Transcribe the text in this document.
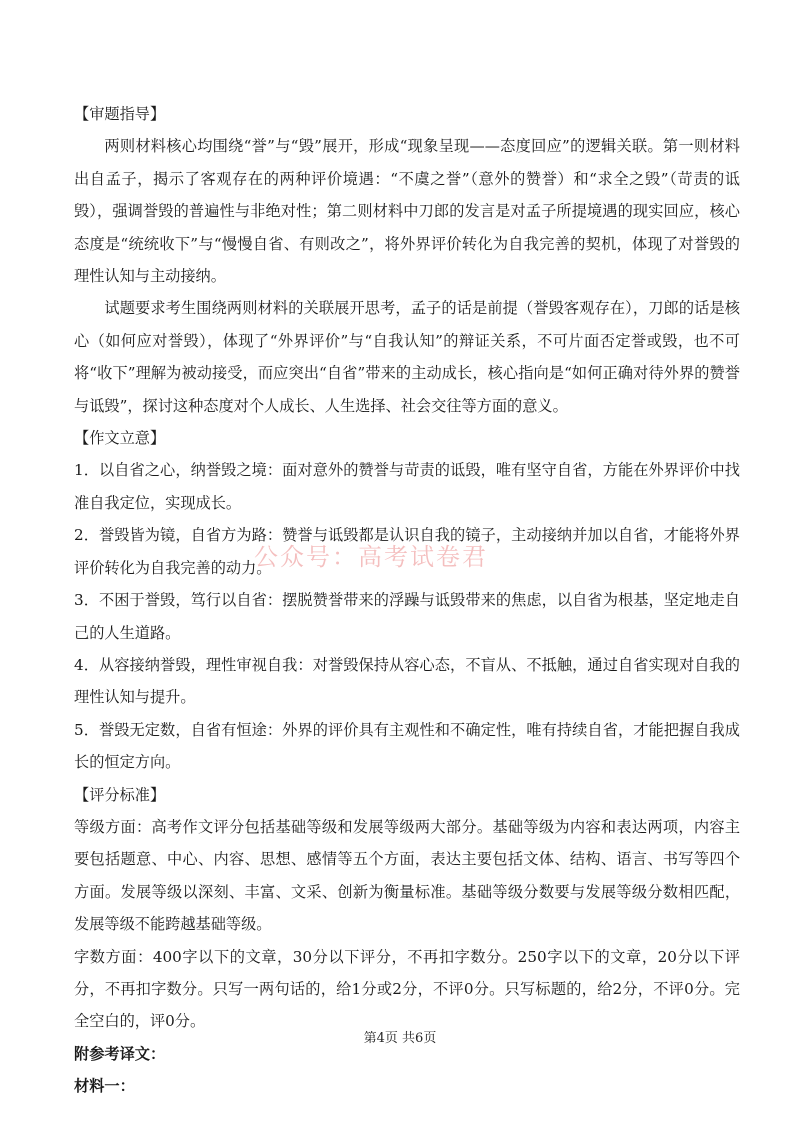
【审题指导】

两则材料核心均围绕“誉”与“毁”展开，形成“现象呈现——态度回应”的逻辑关联。第一则材料出自孟子，揭示了客观存在的两种评价境遇：“不虞之誉”（意外的赞誉）和“求全之毁”（苛责的诋毁），强调誉毁的普遍性与非绝对性；第二则材料中刀郎的发言是对孟子所提境遇的现实回应，核心态度是“统统收下”与“慢慢自省、有则改之”，将外界评价转化为自我完善的契机，体现了对誉毁的理性认知与主动接纳。

试题要求考生围绕两则材料的关联展开思考，孟子的话是前提（誉毁客观存在），刀郎的话是核心（如何应对誉毁），体现了“外界评价”与“自我认知”的辩证关系，不可片面否定誉或毁，也不可将“收下”理解为被动接受，而应突出“自省”带来的主动成长，核心指向是“如何正确对待外界的赞誉与诋毁”，探讨这种态度对个人成长、人生选择、社会交往等方面的意义。

【作文立意】

1．以自省之心，纳誉毁之境：面对意外的赞誉与苛责的诋毁，唯有坚守自省，方能在外界评价中找准自我定位，实现成长。

2．誉毁皆为镜，自省方为路：赞誉与诋毁都是认识自我的镜子，主动接纳并加以自省，才能将外界评价转化为自我完善的动力。

3．不困于誉毁，笃行以自省：摆脱赞誉带来的浮躁与诋毁带来的焦虑，以自省为根基，坚定地走自己的人生道路。

4．从容接纳誉毁，理性审视自我：对誉毁保持从容心态，不盲从、不抵触，通过自省实现对自我的理性认知与提升。

5．誉毁无定数，自省有恒途：外界的评价具有主观性和不确定性，唯有持续自省，才能把握自我成长的恒定方向。

【评分标准】

等级方面：高考作文评分包括基础等级和发展等级两大部分。基础等级为内容和表达两项，内容主要包括题意、中心、内容、思想、感情等五个方面，表达主要包括文体、结构、语言、书写等四个方面。发展等级以深刻、丰富、文采、创新为衡量标准。基础等级分数要与发展等级分数相匹配，发展等级不能跨越基础等级。

字数方面：400字以下的文章，30分以下评分，不再扣字数分。250字以下的文章，20分以下评分，不再扣字数分。只写一两句话的，给1分或2分，不评0分。只写标题的，给2分，不评0分。完全空白的，评0分。

附参考译文：

材料一：

公众号：高考试卷君
第4页 共6页
